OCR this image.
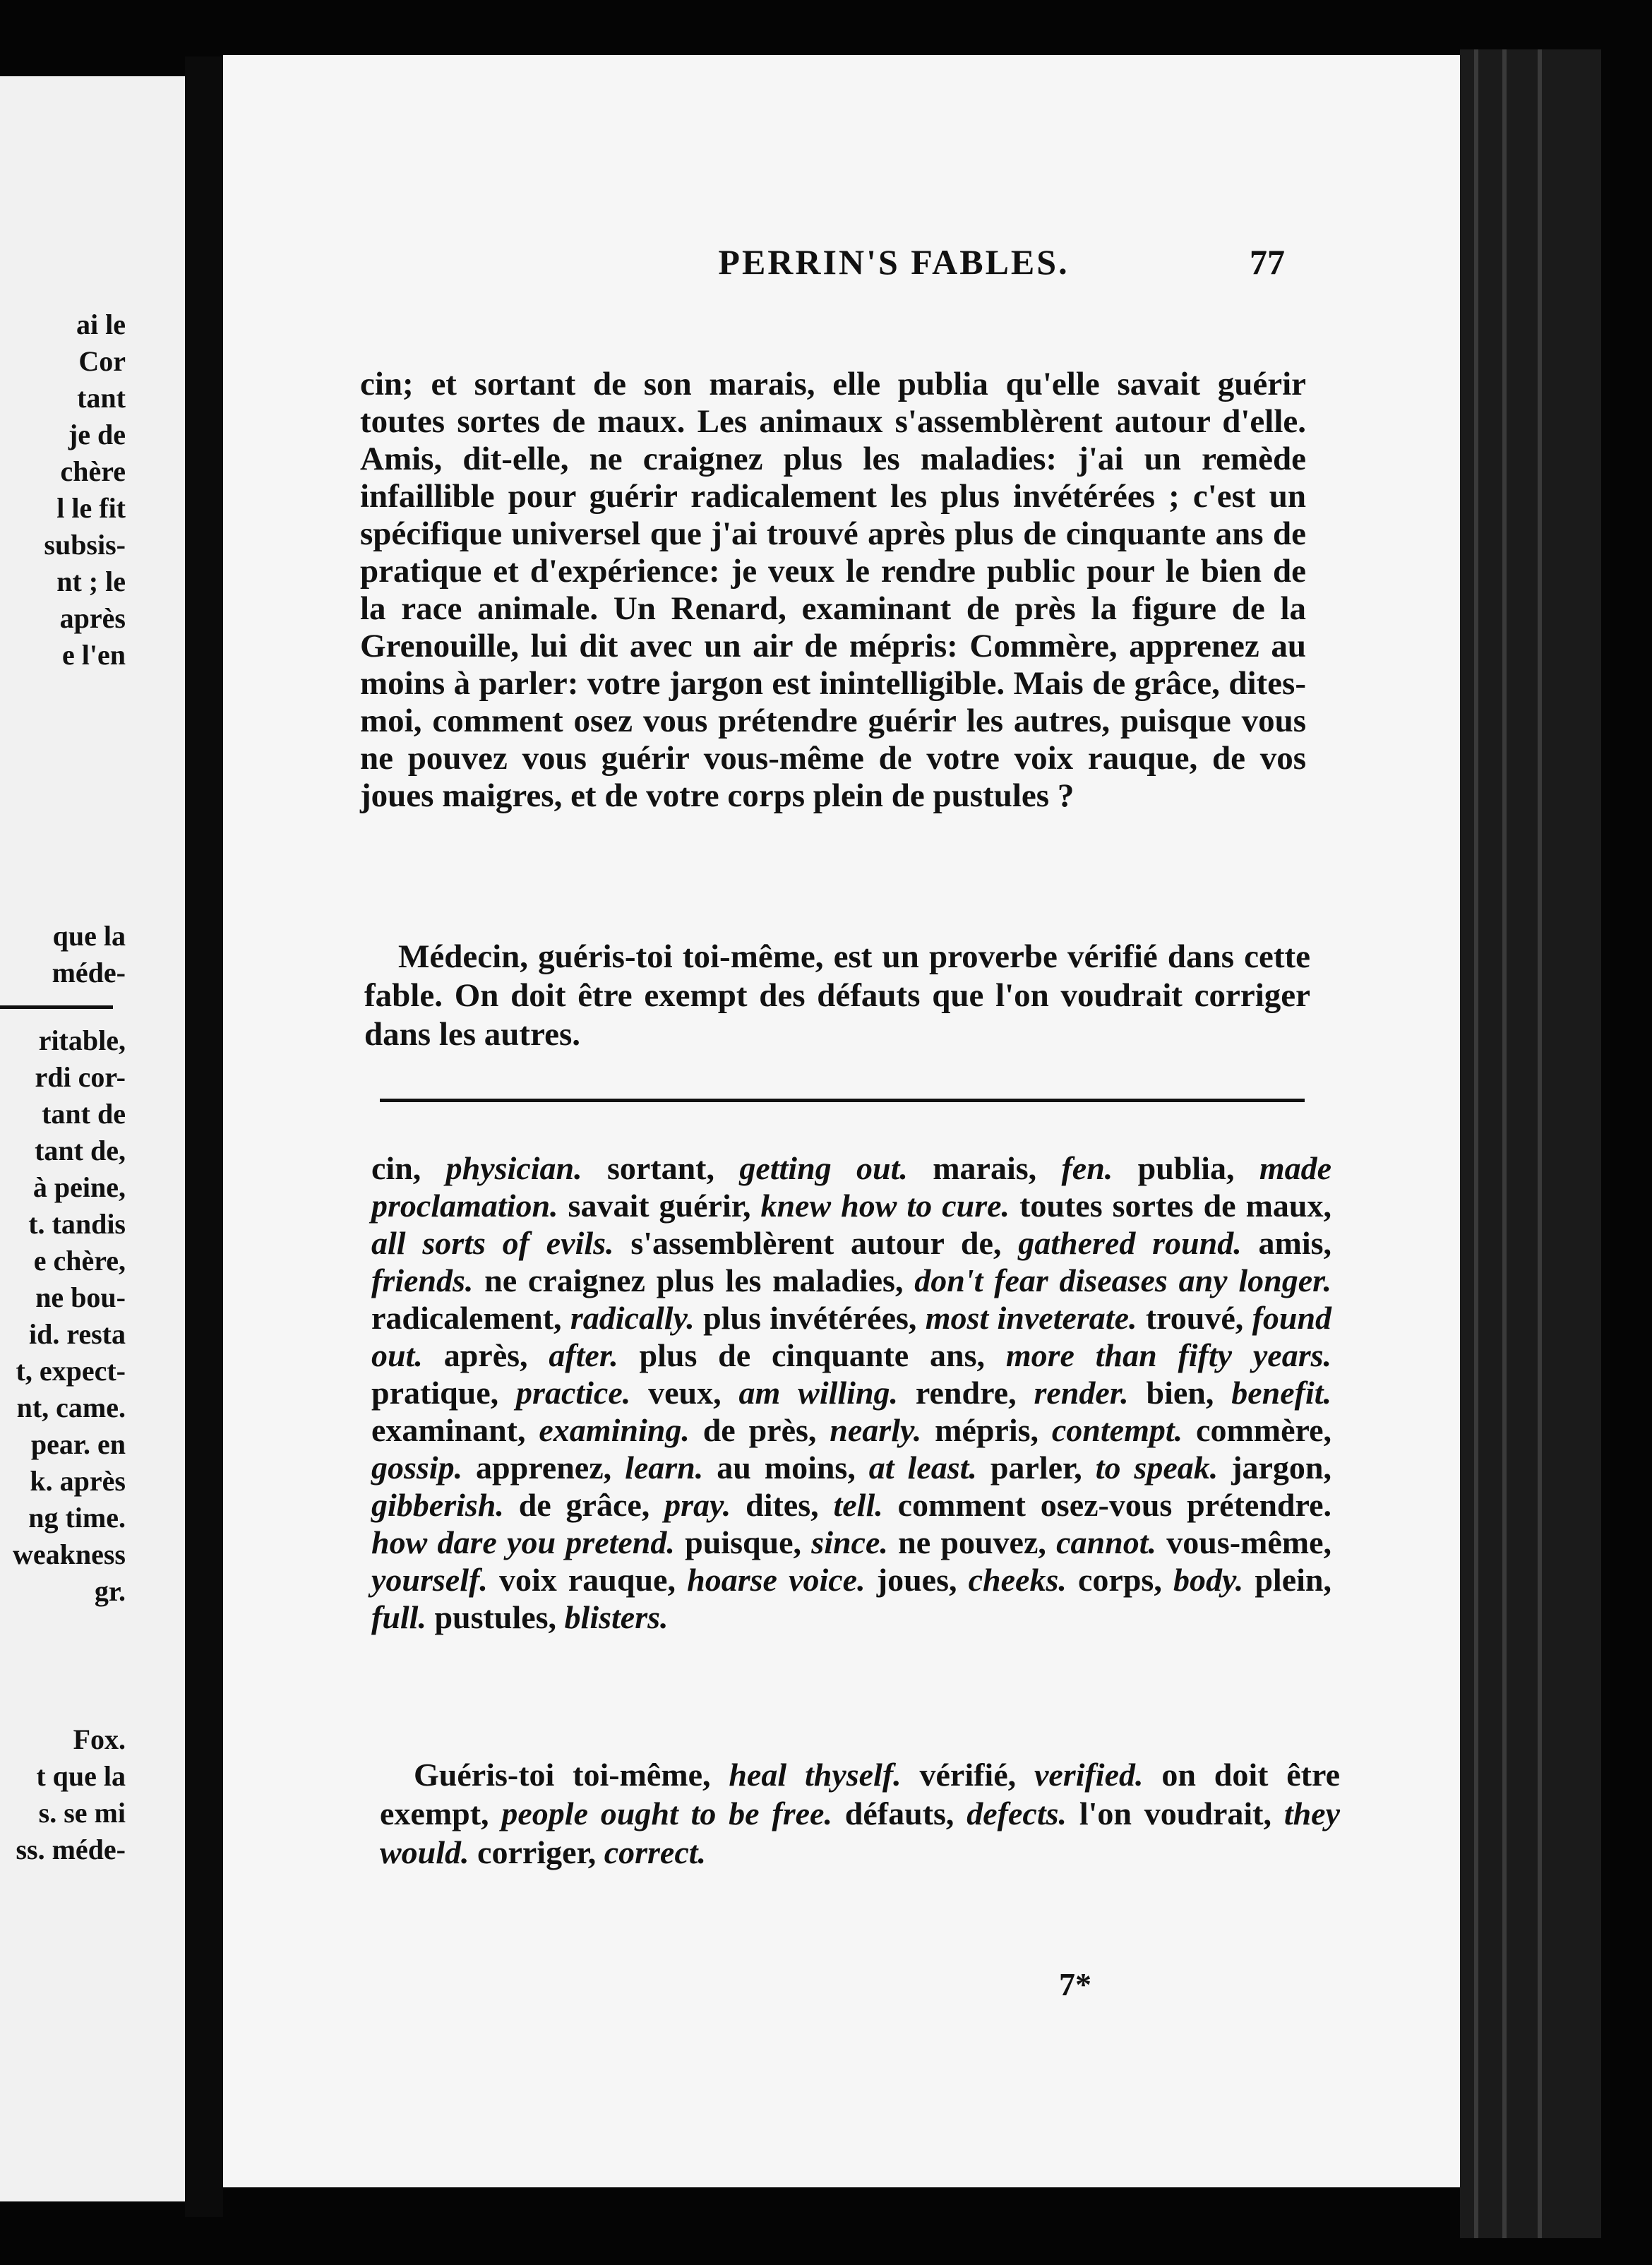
ai le
Cor
tant
je de
chère
l le fit
subsis-
nt ; le
après
e l'en
que la
méde-
ritable,
rdi cor-
tant de
tant de,
à peine,
t. tandis
e chère,
ne bou-
id. resta
t, expect-
nt, came.
pear. en
k. après
ng time.
weakness
gr.
Fox.
t que la
s. se mi
ss. méde-
PERRIN'S FABLES.	77

cin; et sortant de son marais, elle publia qu'elle savait guérir toutes sortes de maux. Les animaux s'assemblèrent autour d'elle. Amis, dit-elle, ne craignez plus les maladies: j'ai un remède infaillible pour guérir radicalement les plus invétérées ; c'est un spécifique universel que j'ai trouvé après plus de cinquante ans de pratique et d'expérience: je veux le rendre public pour le bien de la race animale. Un Renard, examinant de près la figure de la Grenouille, lui dit avec un air de mépris: Commère, apprenez au moins à parler: votre jargon est inintelligible. Mais de grâce, dites-moi, comment osez vous prétendre guérir les autres, puisque vous ne pouvez vous guérir vous-même de votre voix rauque, de vos joues maigres, et de votre corps plein de pustules ?

Médecin, guéris-toi toi-même, est un proverbe vérifié dans cette fable. On doit être exempt des défauts que l'on voudrait corriger dans les autres.
cin, physician. sortant, getting out. marais, fen. publia, made proclamation. savait guérir, knew how to cure. toutes sortes de maux, all sorts of evils. s'assemblèrent autour de, gathered round. amis, friends. ne craignez plus les maladies, don't fear diseases any longer. radicalement, radically. plus invétérées, most inveterate. trouvé, found out. après, after. plus de cinquante ans, more than fifty years. pratique, practice. veux, am willing. rendre, render. bien, benefit. examinant, examining. de près, nearly. mépris, contempt. commère, gossip. apprenez, learn. au moins, at least. parler, to speak. jargon, gibberish. de grâce, pray. dites, tell. comment osez-vous prétendre. how dare you pretend. puisque, since. ne pouvez, cannot. vous-même, yourself. voix rauque, hoarse voice. joues, cheeks. corps, body. plein, full. pustules, blisters.
Guéris-toi toi-même, heal thyself. vérifié, verified. on doit être exempt, people ought to be free. défauts, defects. l'on voudrait, they would. corriger, correct.
7*
